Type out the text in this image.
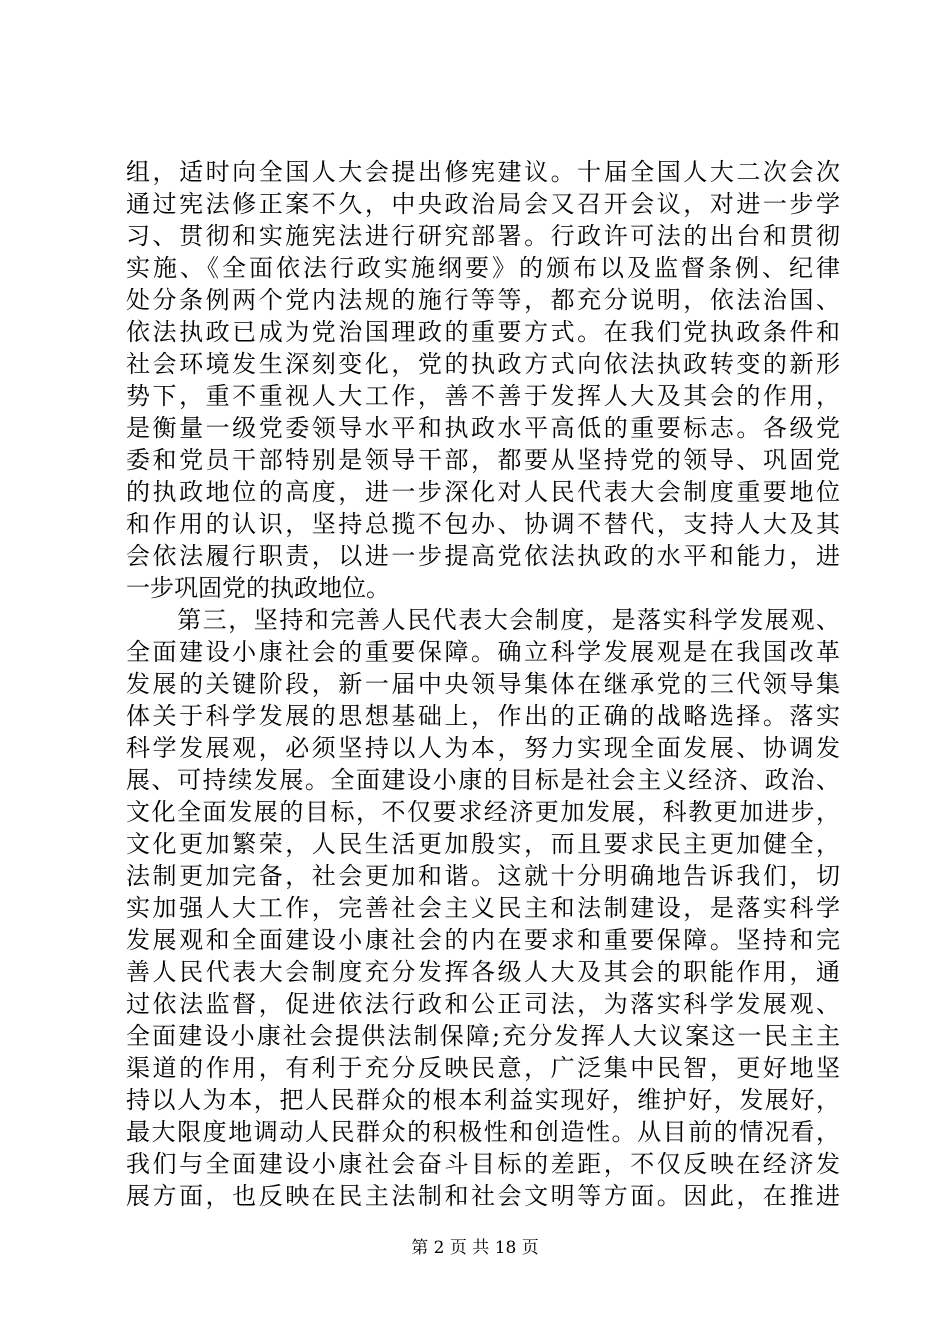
组，适时向全国人大会提出修宪建议。十届全国人大二次会次
通过宪法修正案不久，中央政治局会又召开会议，对进一步学
习、贯彻和实施宪法进行研究部署。行政许可法的出台和贯彻
实施、《全面依法行政实施纲要》的颁布以及监督条例、纪律
处分条例两个党内法规的施行等等，都充分说明，依法治国、
依法执政已成为党治国理政的重要方式。在我们党执政条件和
社会环境发生深刻变化，党的执政方式向依法执政转变的新形
势下，重不重视人大工作，善不善于发挥人大及其会的作用，
是衡量一级党委领导水平和执政水平高低的重要标志。各级党
委和党员干部特别是领导干部，都要从坚持党的领导、巩固党
的执政地位的高度，进一步深化对人民代表大会制度重要地位
和作用的认识，坚持总揽不包办、协调不替代，支持人大及其
会依法履行职责，以进一步提高党依法执政的水平和能力，进
一步巩固党的执政地位。
　　第三，坚持和完善人民代表大会制度，是落实科学发展观、
全面建设小康社会的重要保障。确立科学发展观是在我国改革
发展的关键阶段，新一届中央领导集体在继承党的三代领导集
体关于科学发展的思想基础上，作出的正确的战略选择。落实
科学发展观，必须坚持以人为本，努力实现全面发展、协调发
展、可持续发展。全面建设小康的目标是社会主义经济、政治、
文化全面发展的目标，不仅要求经济更加发展，科教更加进步，
文化更加繁荣，人民生活更加殷实，而且要求民主更加健全，
法制更加完备，社会更加和谐。这就十分明确地告诉我们，切
实加强人大工作，完善社会主义民主和法制建设，是落实科学
发展观和全面建设小康社会的内在要求和重要保障。坚持和完
善人民代表大会制度充分发挥各级人大及其会的职能作用，通
过依法监督，促进依法行政和公正司法，为落实科学发展观、
全面建设小康社会提供法制保障;充分发挥人大议案这一民主主
渠道的作用，有利于充分反映民意，广泛集中民智，更好地坚
持以人为本，把人民群众的根本利益实现好，维护好，发展好，
最大限度地调动人民群众的积极性和创造性。从目前的情况看，
我们与全面建设小康社会奋斗目标的差距，不仅反映在经济发
展方面，也反映在民主法制和社会文明等方面。因此，在推进
第 2 页 共 18 页
